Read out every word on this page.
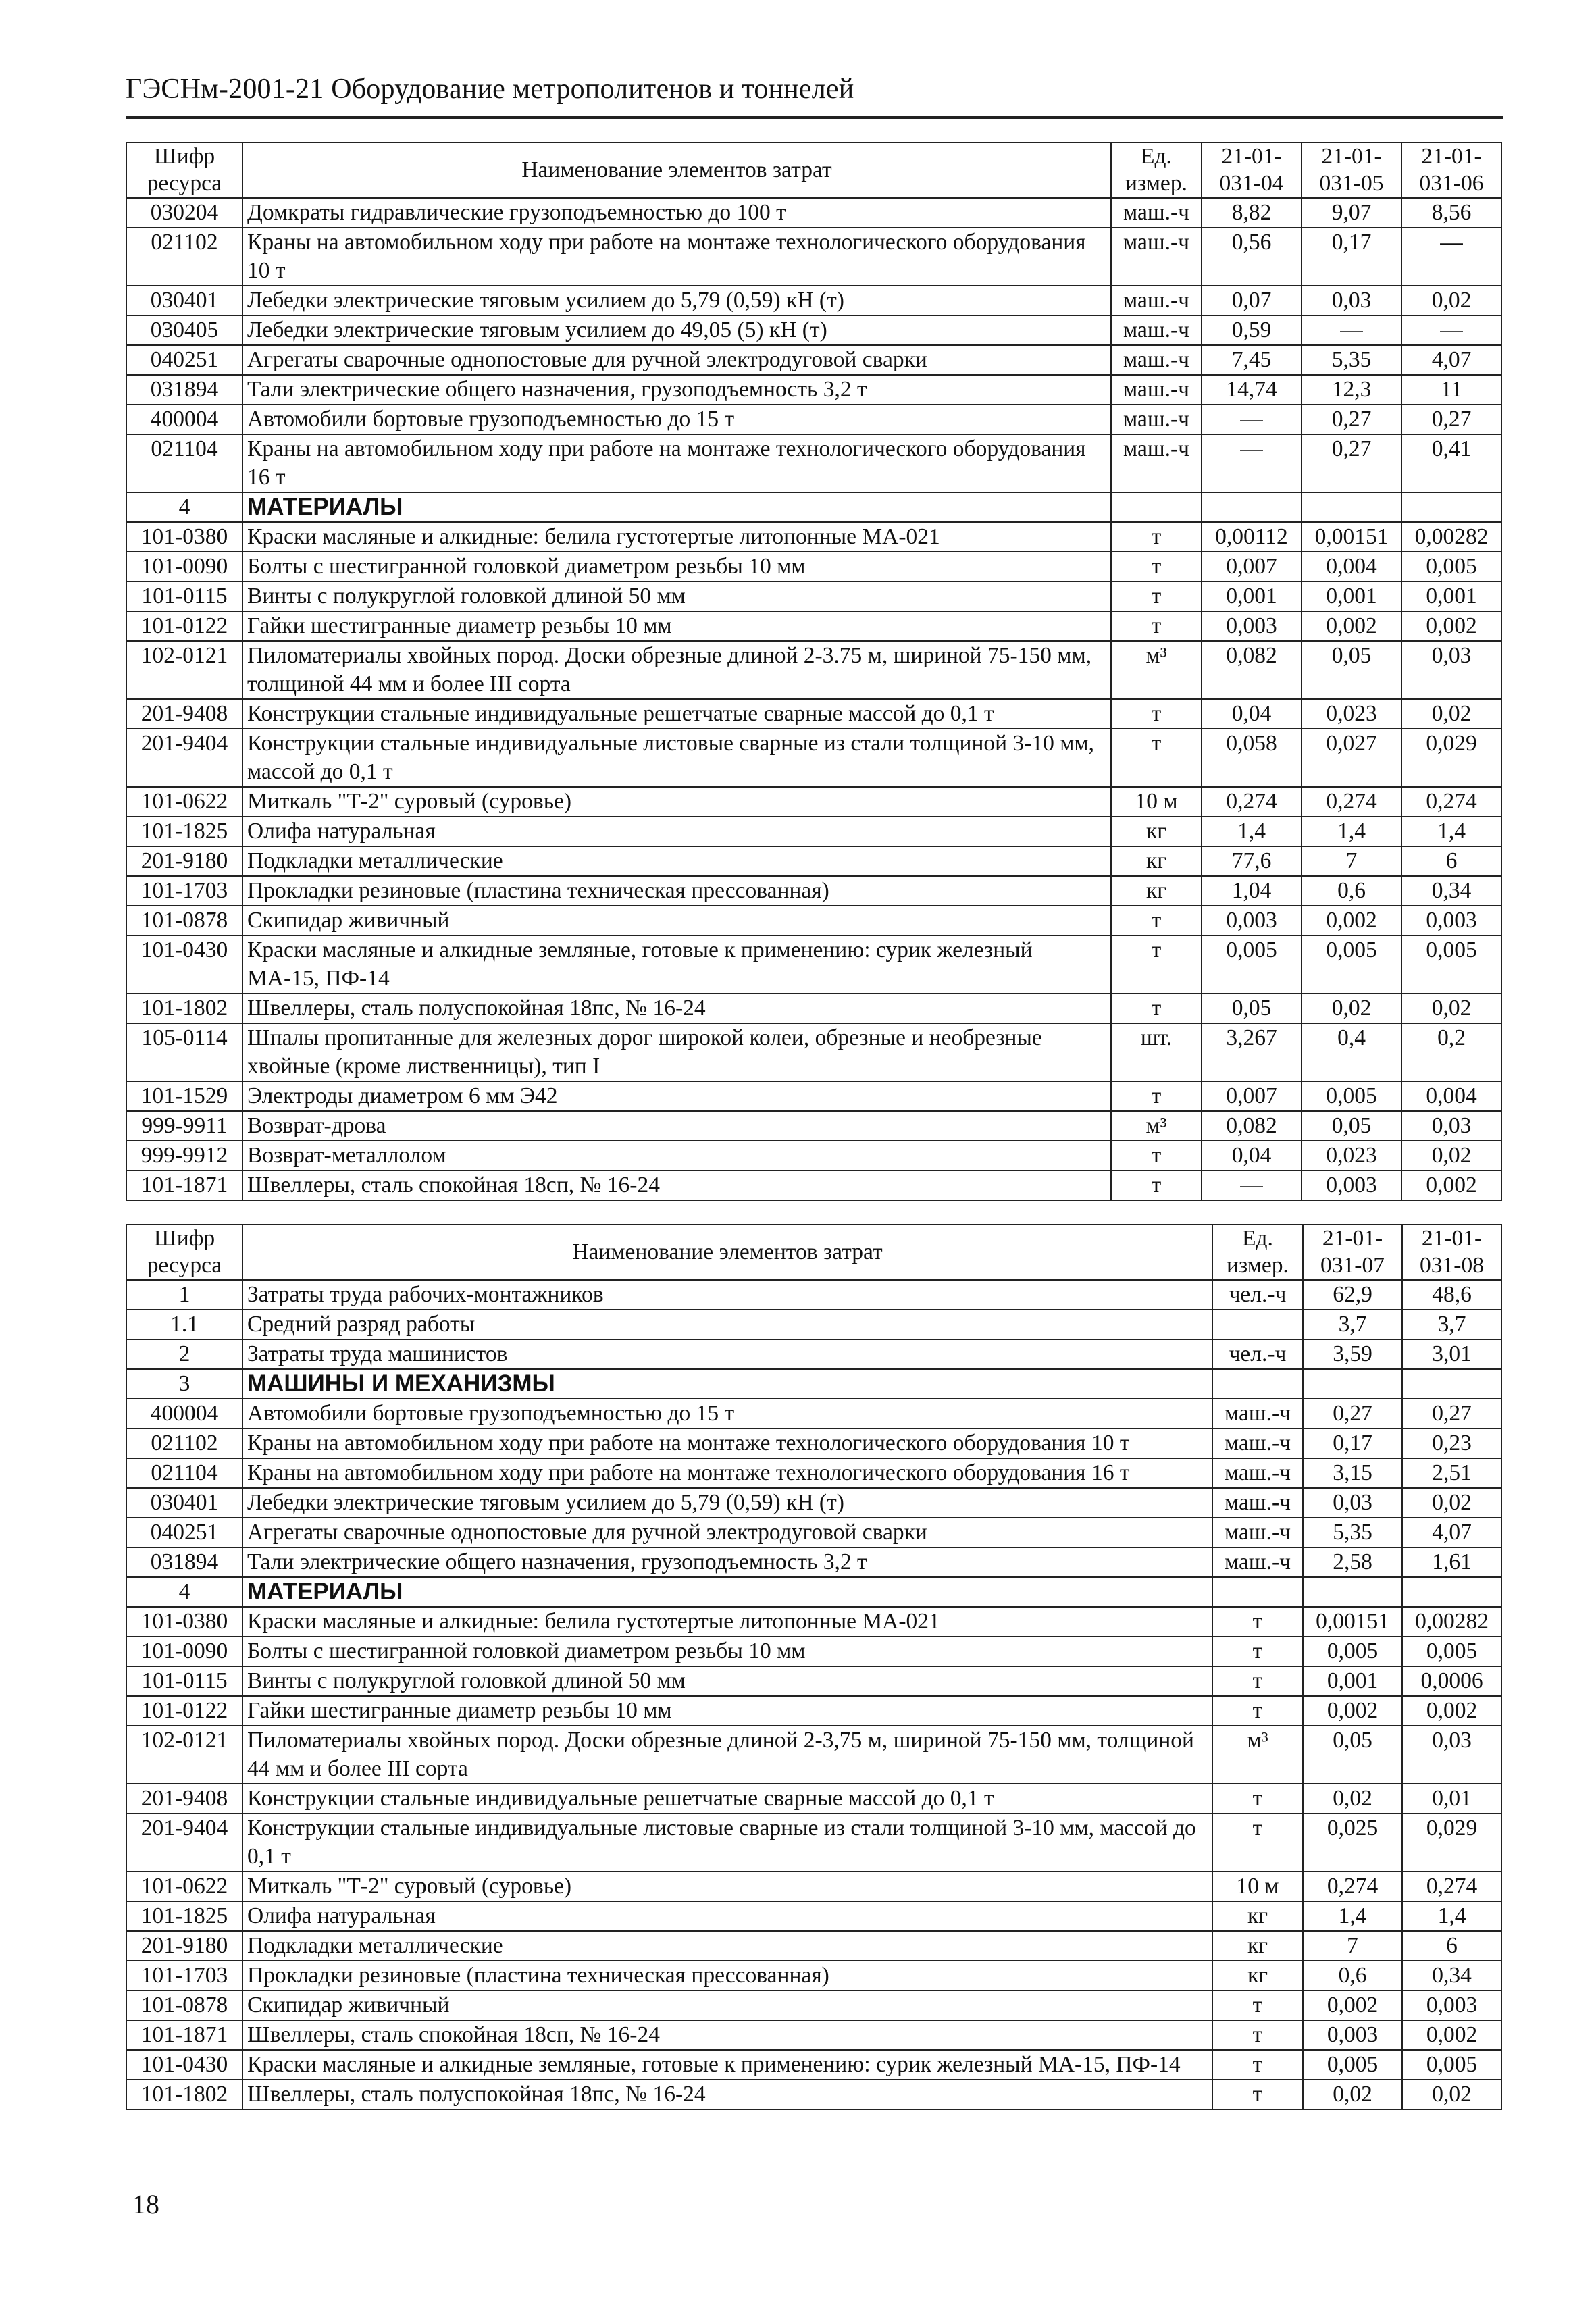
ГЭСНм-2001-21 Оборудование метрополитенов и тоннелей
Шифр ресурса	Наименование элементов затрат	Ед. измер.	21-01-031-04	21-01-031-05	21-01-031-06
030204	Домкраты гидравлические грузоподъемностью до 100 т	маш.-ч	8,82	9,07	8,56
021102	Краны на автомобильном ходу при работе на монтаже технологического оборудования 10 т	маш.-ч	0,56	0,17	—
030401	Лебедки электрические тяговым усилием до 5,79 (0,59) кН (т)	маш.-ч	0,07	0,03	0,02
030405	Лебедки электрические тяговым усилием до 49,05 (5) кН (т)	маш.-ч	0,59	—	—
040251	Агрегаты сварочные однопостовые для ручной электродуговой сварки	маш.-ч	7,45	5,35	4,07
031894	Тали электрические общего назначения, грузоподъемность 3,2 т	маш.-ч	14,74	12,3	11
400004	Автомобили бортовые грузоподъемностью до 15 т	маш.-ч	—	0,27	0,27
021104	Краны на автомобильном ходу при работе на монтаже технологического оборудования 16 т	маш.-ч	—	0,27	0,41
4	МАТЕРИАЛЫ				
101-0380	Краски масляные и алкидные: белила густотертые литопонные МА-021	т	0,00112	0,00151	0,00282
101-0090	Болты с шестигранной головкой диаметром резьбы 10 мм	т	0,007	0,004	0,005
101-0115	Винты с полукруглой головкой длиной 50 мм	т	0,001	0,001	0,001
101-0122	Гайки шестигранные диаметр резьбы 10 мм	т	0,003	0,002	0,002
102-0121	Пиломатериалы хвойных пород. Доски обрезные длиной 2-3.75 м, шириной 75-150 мм, толщиной 44 мм и более III сорта	м³	0,082	0,05	0,03
201-9408	Конструкции стальные индивидуальные решетчатые сварные массой до 0,1 т	т	0,04	0,023	0,02
201-9404	Конструкции стальные индивидуальные листовые сварные из стали толщиной 3-10 мм, массой до 0,1 т	т	0,058	0,027	0,029
101-0622	Миткаль "Т-2" суровый (суровье)	10 м	0,274	0,274	0,274
101-1825	Олифа натуральная	кг	1,4	1,4	1,4
201-9180	Подкладки металлические	кг	77,6	7	6
101-1703	Прокладки резиновые (пластина техническая прессованная)	кг	1,04	0,6	0,34
101-0878	Скипидар живичный	т	0,003	0,002	0,003
101-0430	Краски масляные и алкидные земляные, готовые к применению: сурик железный МА-15, ПФ-14	т	0,005	0,005	0,005
101-1802	Швеллеры, сталь полуспокойная 18пс, № 16-24	т	0,05	0,02	0,02
105-0114	Шпалы пропитанные для железных дорог широкой колеи, обрезные и необрезные хвойные (кроме лиственницы), тип I	шт.	3,267	0,4	0,2
101-1529	Электроды диаметром 6 мм Э42	т	0,007	0,005	0,004
999-9911	Возврат-дрова	м³	0,082	0,05	0,03
999-9912	Возврат-металлолом	т	0,04	0,023	0,02
101-1871	Швеллеры, сталь спокойная 18сп, № 16-24	т	—	0,003	0,002
Шифр ресурса	Наименование элементов затрат	Ед. измер.	21-01-031-07	21-01-031-08
1	Затраты труда рабочих-монтажников	чел.-ч	62,9	48,6
1.1	Средний разряд работы		3,7	3,7
2	Затраты труда машинистов	чел.-ч	3,59	3,01
3	МАШИНЫ И МЕХАНИЗМЫ			
400004	Автомобили бортовые грузоподъемностью до 15 т	маш.-ч	0,27	0,27
021102	Краны на автомобильном ходу при работе на монтаже технологического оборудования 10 т	маш.-ч	0,17	0,23
021104	Краны на автомобильном ходу при работе на монтаже технологического оборудования 16 т	маш.-ч	3,15	2,51
030401	Лебедки электрические тяговым усилием до 5,79 (0,59) кН (т)	маш.-ч	0,03	0,02
040251	Агрегаты сварочные однопостовые для ручной электродуговой сварки	маш.-ч	5,35	4,07
031894	Тали электрические общего назначения, грузоподъемность 3,2 т	маш.-ч	2,58	1,61
4	МАТЕРИАЛЫ			
101-0380	Краски масляные и алкидные: белила густотертые литопонные МА-021	т	0,00151	0,00282
101-0090	Болты с шестигранной головкой диаметром резьбы 10 мм	т	0,005	0,005
101-0115	Винты с полукруглой головкой длиной 50 мм	т	0,001	0,0006
101-0122	Гайки шестигранные диаметр резьбы 10 мм	т	0,002	0,002
102-0121	Пиломатериалы хвойных пород. Доски обрезные длиной 2-3,75 м, шириной 75-150 мм, толщиной 44 мм и более III сорта	м³	0,05	0,03
201-9408	Конструкции стальные индивидуальные решетчатые сварные массой до 0,1 т	т	0,02	0,01
201-9404	Конструкции стальные индивидуальные листовые сварные из стали толщиной 3-10 мм, массой до 0,1 т	т	0,025	0,029
101-0622	Миткаль "Т-2" суровый (суровье)	10 м	0,274	0,274
101-1825	Олифа натуральная	кг	1,4	1,4
201-9180	Подкладки металлические	кг	7	6
101-1703	Прокладки резиновые (пластина техническая прессованная)	кг	0,6	0,34
101-0878	Скипидар живичный	т	0,002	0,003
101-1871	Швеллеры, сталь спокойная 18сп, № 16-24	т	0,003	0,002
101-0430	Краски масляные и алкидные земляные, готовые к применению: сурик железный МА-15, ПФ-14	т	0,005	0,005
101-1802	Швеллеры, сталь полуспокойная 18пс, № 16-24	т	0,02	0,02
18
